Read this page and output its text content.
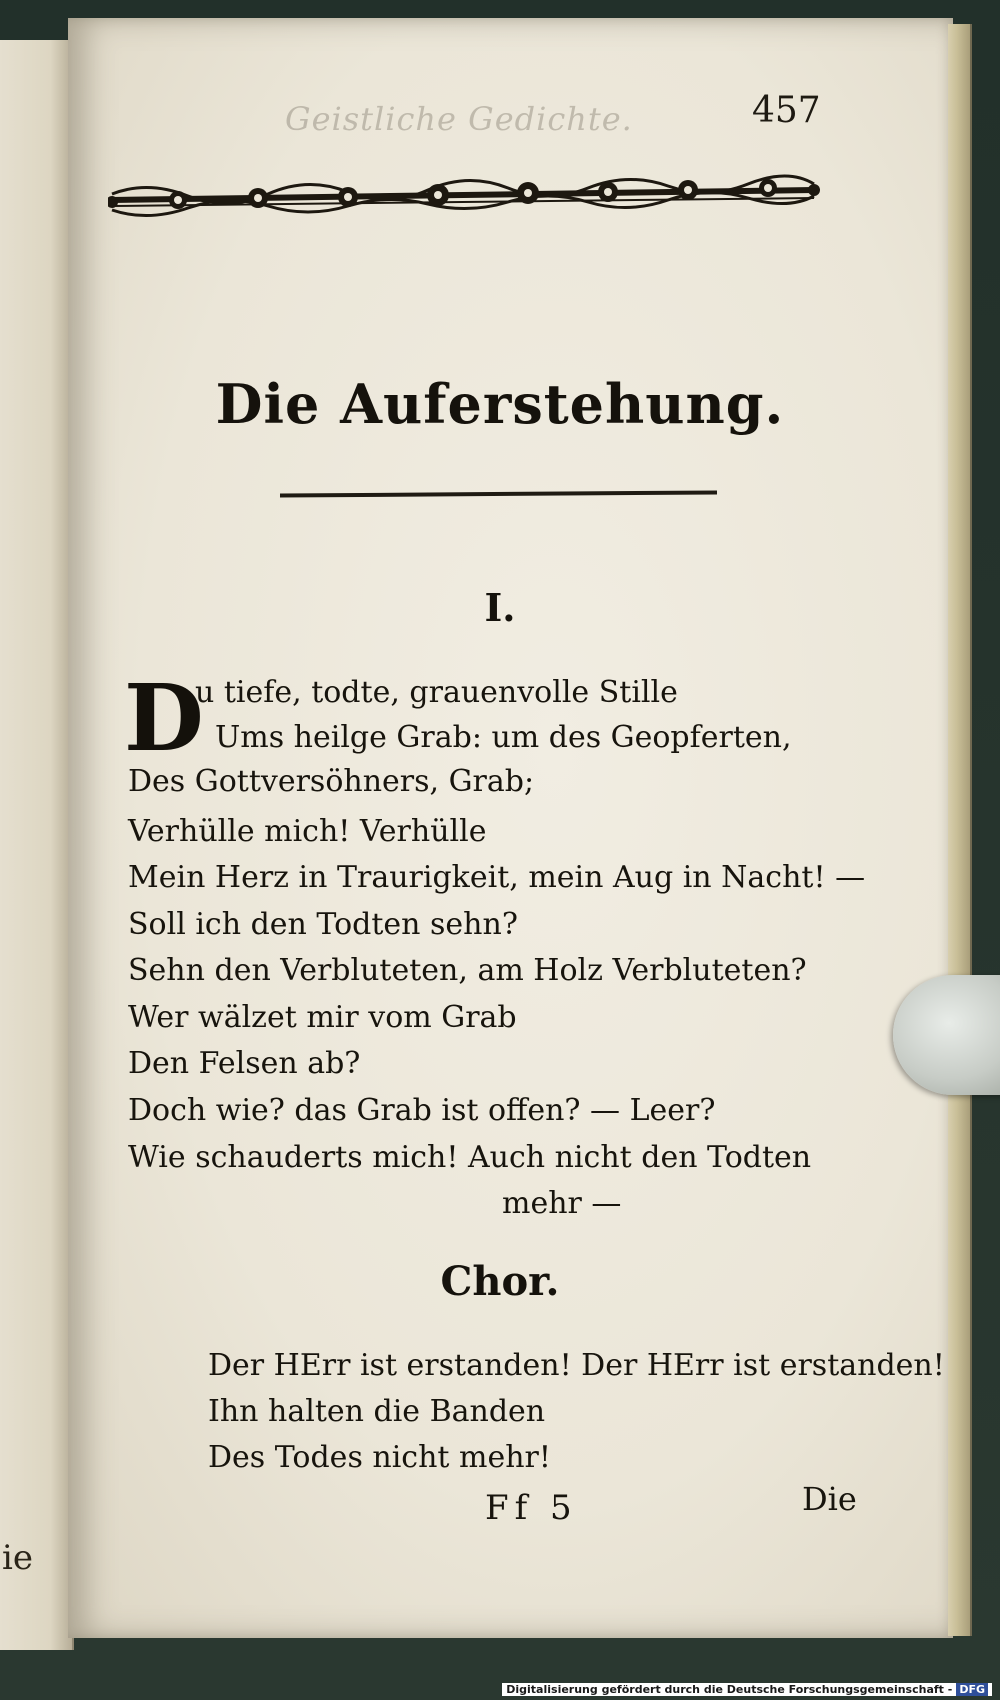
ie
Geistliche Gedichte.	457
Die Auferstehung.
I.
D
u tiefe, todte, grauenvolle Stille
Ums heilge Grab: um des Geopferten,
Des Gottversöhners, Grab;
Verhülle mich! Verhülle
Mein Herz in Traurigkeit, mein Aug in Nacht! —
Soll ich den Todten sehn?
Sehn den Verbluteten, am Holz Verbluteten?
Wer wälzet mir vom Grab
Den Felsen ab?
Doch wie? das Grab ist offen? — Leer?
Wie schauderts mich! Auch nicht den Todten
mehr —
Chor.
Der HErr ist erstanden! Der HErr ist erstanden!
Ihn halten die Banden
Des Todes nicht mehr!
Ff 5	Die
Digitalisierung gefördert durch die Deutsche Forschungsgemeinschaft - DFG
